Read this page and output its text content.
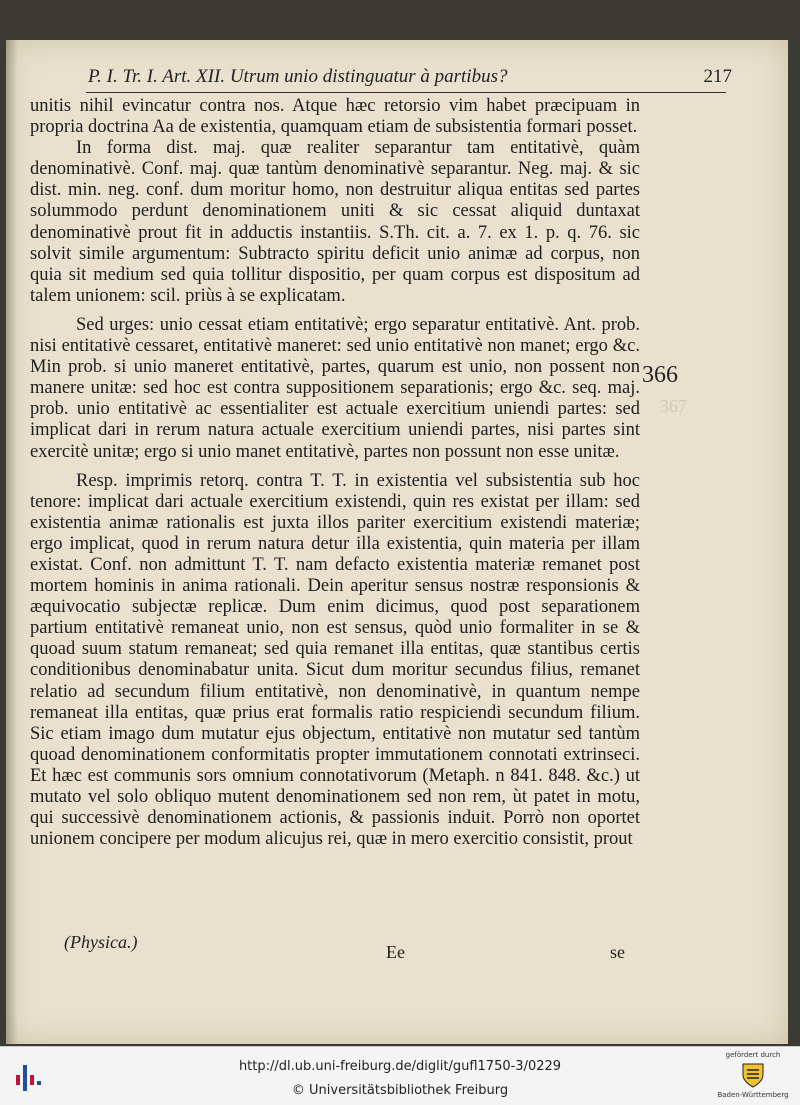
P. I. Tr. I. Art. XII. Utrum unio distinguatur à partibus?	217

unitis nihil evincatur contra nos. Atque hæc retorsio vim habet præcipuam in propria doctrina Aa de existentia, quamquam etiam de subsistentia formari posset.

In forma dist. maj. quæ realiter separantur tam entitativè, quàm denominativè. Conf. maj. quæ tantùm denominativè separantur. Neg. maj. & sic dist. min. neg. conf. dum moritur homo, non destruitur aliqua entitas sed partes solummodo perdunt denominationem uniti & sic cessat aliquid duntaxat denominativè prout fit in adductis instantiis. S.Th. cit. a. 7. ex 1. p. q. 76. sic solvit simile argumentum: Subtracto spiritu deficit unio animæ ad corpus, non quia sit medium sed quia tollitur dispositio, per quam corpus est dispositum ad talem unionem: scil. priùs à se explicatam.

Sed urges: unio cessat etiam entitativè; ergo separatur entitativè. Ant. prob. nisi entitativè cessaret, entitativè maneret: sed unio entitativè non manet; ergo &c. Min prob. si unio maneret entitativè, partes, quarum est unio, non possent non manere unitæ: sed hoc est contra suppositionem separationis; ergo &c. seq. maj. prob. unio entitativè ac essentialiter est actuale exercitium uniendi partes: sed implicat dari in rerum natura actuale exercitium uniendi partes, nisi partes sint exercitè unitæ; ergo si unio manet entitativè, partes non possunt non esse unitæ.

Resp. imprimis retorq. contra T. T. in existentia vel subsistentia sub hoc tenore: implicat dari actuale exercitium existendi, quin res existat per illam: sed existentia animæ rationalis est juxta illos pariter exercitium existendi materiæ; ergo implicat, quod in rerum natura detur illa existentia, quin materia per illam existat. Conf. non admittunt T. T. nam defacto existentia materiæ remanet post mortem hominis in anima rationali. Dein aperitur sensus nostræ responsionis & æquivocatio subjectæ replicæ. Dum enim dicimus, quod post separationem partium entitativè remaneat unio, non est sensus, quòd unio formaliter in se & quoad suum statum remaneat; sed quia remanet illa entitas, quæ stantibus certis conditionibus denominabatur unita. Sicut dum moritur secundus filius, remanet relatio ad secundum filium entitativè, non denominativè, in quantum nempe remaneat illa entitas, quæ prius erat formalis ratio respiciendi secundum filium. Sic etiam imago dum mutatur ejus objectum, entitativè non mutatur sed tantùm quoad denominationem conformitatis propter immutationem connotati extrinseci. Et hæc est communis sors omnium connotativorum (Metaph. n 841. 848. &c.) ut mutato vel solo obliquo mutent denominationem sed non rem, ùt patet in motu, qui successivè denominationem actionis, & passionis induit. Porrò non oportet unionem concipere per modum alicujus rei, quæ in mero exercitio consistit, prout

366
367
(Physica.)	Ee	se
http://dl.ub.uni-freiburg.de/diglit/gufl1750-3/0229
© Universitätsbibliothek Freiburg
gefördert durch
Baden-Württemberg
